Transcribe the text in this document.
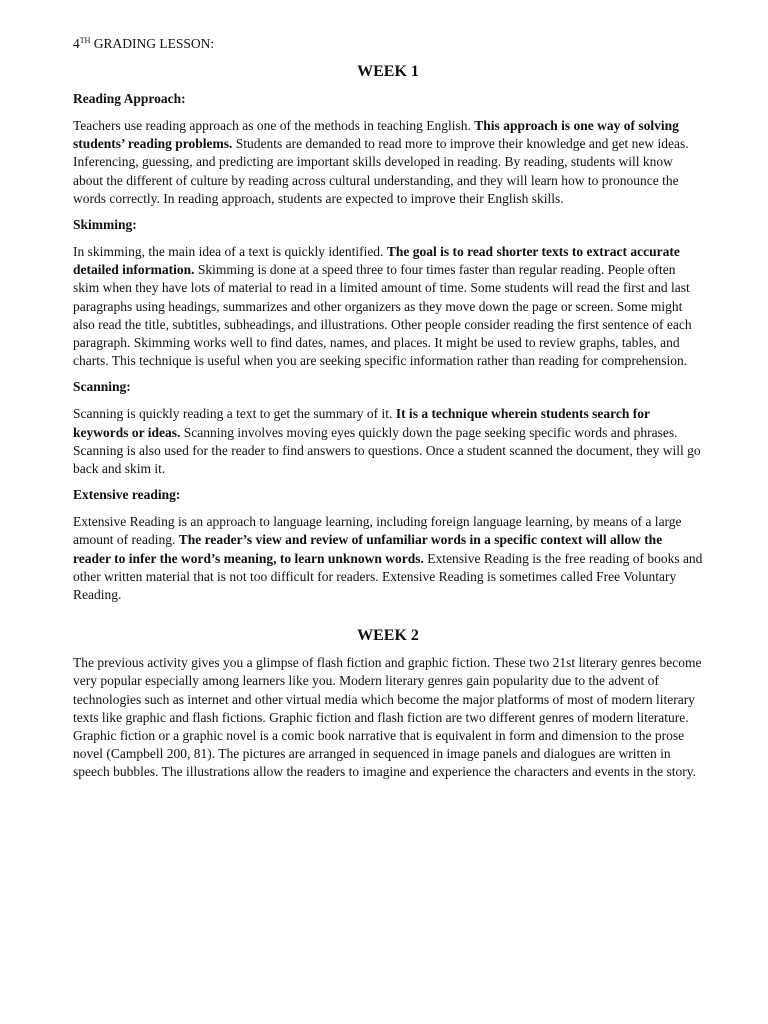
4TH GRADING LESSON:

WEEK 1
Reading Approach:

Teachers use reading approach as one of the methods in teaching English. This approach is one way of solving students’ reading problems. Students are demanded to read more to improve their knowledge and get new ideas. Inferencing, guessing, and predicting are important skills developed in reading. By reading, students will know about the different of culture by reading across cultural understanding, and they will learn how to pronounce the words correctly. In reading approach, students are expected to improve their English skills.

Skimming:

In skimming, the main idea of a text is quickly identified. The goal is to read shorter texts to extract accurate detailed information. Skimming is done at a speed three to four times faster than regular reading. People often skim when they have lots of material to read in a limited amount of time. Some students will read the first and last paragraphs using headings, summarizes and other organizers as they move down the page or screen. Some might also read the title, subtitles, subheadings, and illustrations. Other people consider reading the first sentence of each paragraph. Skimming works well to find dates, names, and places. It might be used to review graphs, tables, and charts. This technique is useful when you are seeking specific information rather than reading for comprehension.

Scanning:

Scanning is quickly reading a text to get the summary of it. It is a technique wherein students search for keywords or ideas. Scanning involves moving eyes quickly down the page seeking specific words and phrases. Scanning is also used for the reader to find answers to questions. Once a student scanned the document, they will go back and skim it.

Extensive reading:

Extensive Reading is an approach to language learning, including foreign language learning, by means of a large amount of reading. The reader’s view and review of unfamiliar words in a specific context will allow the reader to infer the word’s meaning, to learn unknown words. Extensive Reading is the free reading of books and other written material that is not too difficult for readers. Extensive Reading is sometimes called Free Voluntary Reading.

WEEK 2

The previous activity gives you a glimpse of flash fiction and graphic fiction. These two 21st literary genres become very popular especially among learners like you. Modern literary genres gain popularity due to the advent of technologies such as internet and other virtual media which become the major platforms of most of modern literary texts like graphic and flash fictions. Graphic fiction and flash fiction are two different genres of modern literature. Graphic fiction or a graphic novel is a comic book narrative that is equivalent in form and dimension to the prose novel (Campbell 200, 81). The pictures are arranged in sequenced in image panels and dialogues are written in speech bubbles. The illustrations allow the readers to imagine and experience the characters and events in the story.
